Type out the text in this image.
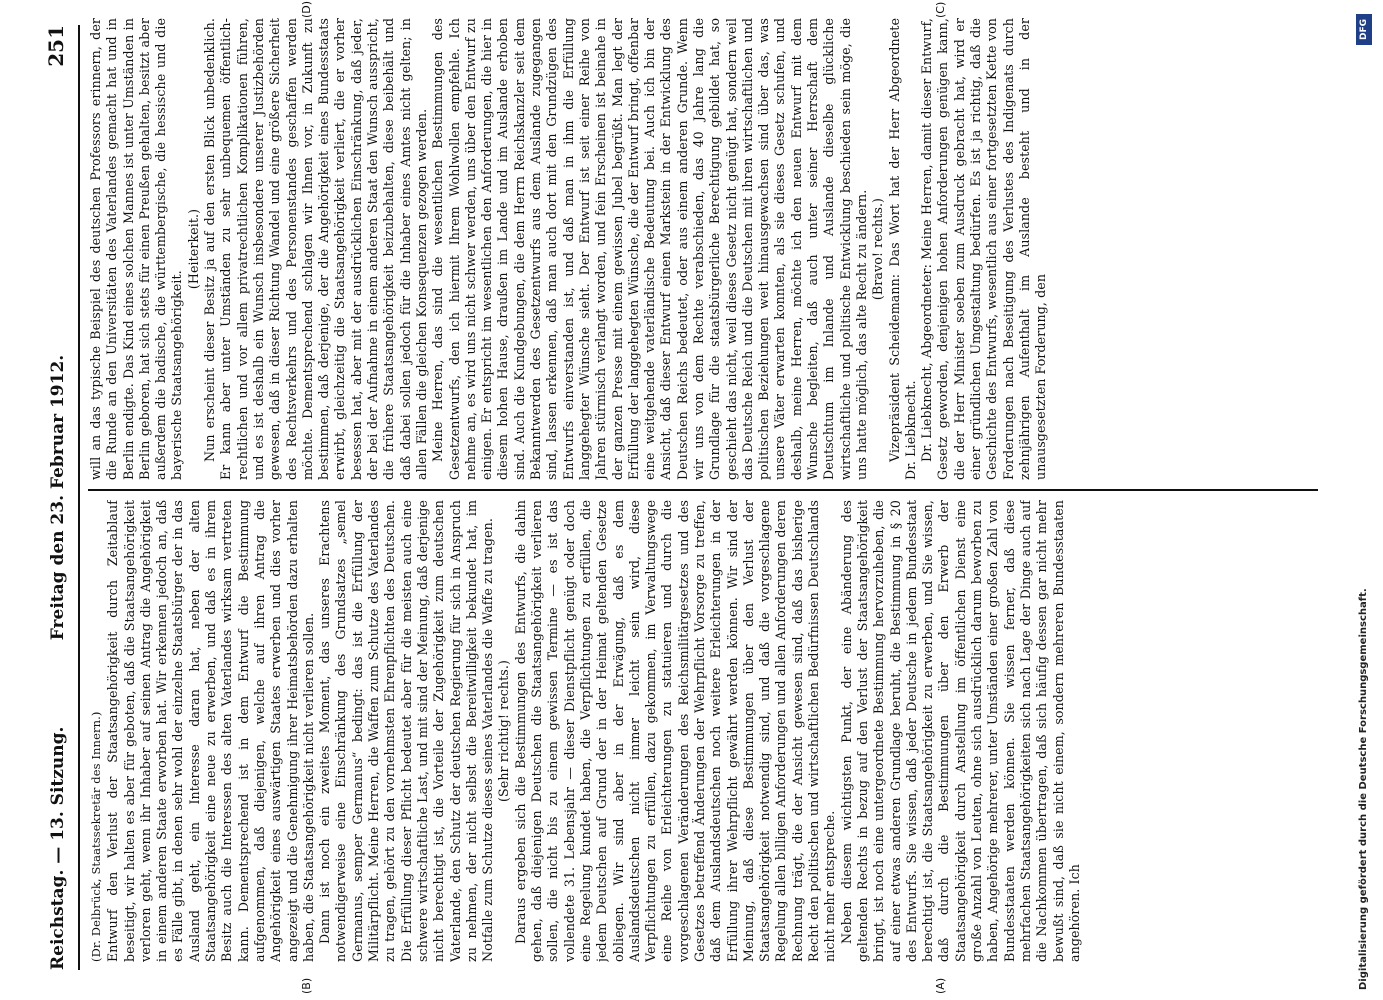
Reichstag. — 13. Sitzung.
Freitag den 23. Februar 1912.
251
(A)
(B)
(C)
(D)

(Dr. Delbrück, Staatssekretär des Innern.) Entwurf den Verlust der Staatsangehörigkeit durch Zeitablauf beseitigt, wir halten es aber für geboten, daß die Staatsangehörigkeit verloren geht, wenn ihr Inhaber auf seinen Antrag die Angehörigkeit in einem anderen Staate erworben hat. Wir erkennen jedoch an, daß es Fälle gibt, in denen sehr wohl der einzelne Staatsbürger der in das Ausland geht, ein Interesse daran hat, neben der alten Staatsangehörigkeit eine neue zu erwerben, und daß es in ihrem Besitz auch die Interessen des alten Vaterlandes wirksam vertreten kann. Dementsprechend ist in dem Entwurf die Bestimmung aufgenommen, daß diejenigen, welche auf ihren Antrag die Angehörigkeit eines auswärtigen Staates erwerben und dies vorher angezeigt und die Genehmigung ihrer Heimatsbehörden dazu erhalten haben, die Staatsangehörigkeit nicht verlieren sollen. Dann ist noch ein zweites Moment, das unseres Erachtens notwendigerweise eine Einschränkung des Grundsatzes „semel Germanus, semper Germanus“ bedingt: das ist die Erfüllung der Militärpflicht. Meine Herren, die Waffen zum Schutze des Vaterlandes zu tragen, gehört zu den vornehmsten Ehrenpflichten des Deutschen. Die Erfüllung dieser Pflicht bedeutet aber für die meisten auch eine schwere wirtschaftliche Last, und mit sind der Meinung, daß derjenige nicht berechtigt ist, die Vorteile der Zugehörigkeit zum deutschen Vaterlande, den Schutz der deutschen Regierung für sich in Anspruch zu nehmen, der nicht selbst die Bereitwilligkeit bekundet hat, im Notfalle zum Schutze dieses seines Vaterlandes die Waffe zu tragen. (Sehr richtig! rechts.) Daraus ergeben sich die Bestimmungen des Entwurfs, die dahin gehen, daß diejenigen Deutschen die Staatsangehörigkeit verlieren sollen, die nicht bis zu einem gewissen Termine — es ist das vollendete 31. Lebensjahr — dieser Dienstpflicht genügt oder doch eine Regelung kundet haben, die Verpflichtungen zu erfüllen, die jedem Deutschen auf Grund der in der Heimat geltenden Gesetze obliegen. Wir sind aber in der Erwägung, daß es dem Auslandsdeutschen nicht immer leicht sein wird, diese Verpflichtungen zu erfüllen, dazu gekommen, im Verwaltungswege eine Reihe von Erleichterungen zu statuieren und durch die vorgeschlagenen Veränderungen des Reichsmilitärgesetzes und des Gesetzes betreffend Änderungen der Wehrpflicht Vorsorge zu treffen, daß dem Auslandsdeutschen noch weitere Erleichterungen in der Erfüllung ihrer Wehrpflicht gewährt werden können. Wir sind der Meinung, daß diese Bestimmungen über den Verlust der Staatsangehörigkeit notwendig sind, und daß die vorgeschlagene Regelung allen billigen Anforderungen und allen Anforderungen deren Rechnung trägt, die der Ansicht gewesen sind, daß das bisherige Recht den politischen und wirtschaftlichen Bedürfnissen Deutschlands nicht mehr entspreche. Neben diesem wichtigsten Punkt, der eine Abänderung des geltenden Rechts in bezug auf den Verlust der Staatsangehörigkeit bringt, ist noch eine untergeordnete Bestimmung hervorzuheben, die auf einer etwas anderen Grundlage beruht, die Bestimmung in § 20 des Entwurfs. Sie wissen, daß jeder Deutsche in jedem Bundesstaat berechtigt ist, die Staatsangehörigkeit zu erwerben, und Sie wissen, daß durch die Bestimmungen über den Erwerb der Staatsangehörigkeit durch Anstellung im öffentlichen Dienst eine große Anzahl von Leuten, ohne sich ausdrücklich darum beworben zu haben, Angehörige mehrerer, unter Umständen einer großen Zahl von Bundesstaaten werden können. Sie wissen ferner, daß diese mehrfachen Staatsangehörigkeiten sich nach Lage der Dinge auch auf die Nachkommen übertragen, daß sich häufig dessen gar nicht mehr bewußt sind, daß sie nicht einem, sondern mehreren Bundesstaaten angehören. Ich

will an das typische Beispiel des deutschen Professors erinnern, der die Runde an den Universitäten des Vaterlandes gemacht hat und in Berlin endigte. Das Kind eines solchen Mannes ist unter Umständen in Berlin geboren, hat sich stets für einen Preußen gehalten, besitzt aber außerdem die badische, die württembergische, die hessische und die bayerische Staatsangehörigkeit.

(Heiterkeit.) Nun erscheint dieser Besitz ja auf den ersten Blick unbedenklich. Er kann aber unter Umständen zu sehr unbequemen öffentlich-rechtlichen und vor allem privatrechtlichen Komplikationen führen, und es ist deshalb ein Wunsch insbesondere unserer Justizbehörden gewesen, daß in dieser Richtung Wandel und eine größere Sicherheit des Rechtsverkehrs und des Personenstandes geschaffen werden möchte. Dementsprechend schlagen wir Ihnen vor, in Zukunft zu bestimmen, daß derjenige, der die Angehörigkeit eines Bundesstaats erwirbt, gleichzeitig die Staatsangehörigkeit verliert, die er vorher besessen hat, aber mit der ausdrücklichen Einschränkung, daß jeder, der bei der Aufnahme in einem anderen Staat den Wunsch ausspricht, die frühere Staatsangehörigkeit beizubehalten, diese beibehält und daß dabei sollen jedoch für die Inhaber eines Amtes nicht gelten; in allen Fällen die gleichen Konsequenzen gezogen werden. Meine Herren, das sind die wesentlichen Bestimmungen des Gesetzentwurfs, den ich hiermit Ihrem Wohlwollen empfehle. Ich nehme an, es wird uns nicht schwer werden, uns über den Entwurf zu einigen. Er entspricht im wesentlichen den Anforderungen, die hier in diesem hohen Hause, draußen im Lande und im Auslande erhoben sind. Auch die Kundgebungen, die dem Herrn Reichskanzler seit dem Bekanntwerden des Gesetzentwurfs aus dem Auslande zugegangen sind, lassen erkennen, daß man auch dort mit den Grundzügen des Entwurfs einverstanden ist, und daß man in ihm die Erfüllung langgehegter Wünsche sieht. Der Entwurf ist seit einer Reihe von Jahren stürmisch verlangt worden, und fein Erscheinen ist beinahe in der ganzen Presse mit einem gewissen Jubel begrüßt. Man legt der Erfüllung der langgehegten Wünsche, die der Entwurf bringt, offenbar eine weitgehende vaterländische Bedeutung bei. Auch ich bin der Ansicht, daß dieser Entwurf einen Markstein in der Entwicklung des Deutschen Reichs bedeutet, oder aus einem anderen Grunde. Wenn wir uns von dem Rechte verabschieden, das 40 Jahre lang die Grundlage für die staatsbürgerliche Berechtigung gebildet hat, so geschieht das nicht, weil dieses Gesetz nicht genügt hat, sondern weil das Deutsche Reich und die Deutschen mit ihren wirtschaftlichen und politischen Beziehungen weit hinausgewachsen sind über das, was unsere Väter erwarten konnten, als sie dieses Gesetz schufen, und deshalb, meine Herren, möchte ich den neuen Entwurf mit dem Wunsche begleiten, daß auch unter seiner Herrschaft dem Deutschtum im Inlande und Auslande dieselbe glückliche wirtschaftliche und politische Entwicklung beschieden sein möge, die uns hatte möglich, das alte Recht zu ändern. (Bravo! rechts.) Vizepräsident Scheidemann: Das Wort hat der Herr Abgeordnete Dr. Liebknecht. Dr. Liebknecht, Abgeordneter: Meine Herren, damit dieser Entwurf, Gesetz geworden, denjenigen hohen Anforderungen genügen kann, die der Herr Minister soeben zum Ausdruck gebracht hat, wird er einer gründlichen Umgestaltung bedürfen. Es ist ja richtig, daß die Geschichte des Entwurfs, wesentlich aus einer fortgesetzten Kette von Forderungen nach Beseitigung des Verlustes des Indigenats durch zehnjährigen Aufenthalt im Auslande besteht und in der unausgesetzten Forderung, den

Digitalisierung gefördert durch die Deutsche Forschungsgemeinschaft.
DFG
